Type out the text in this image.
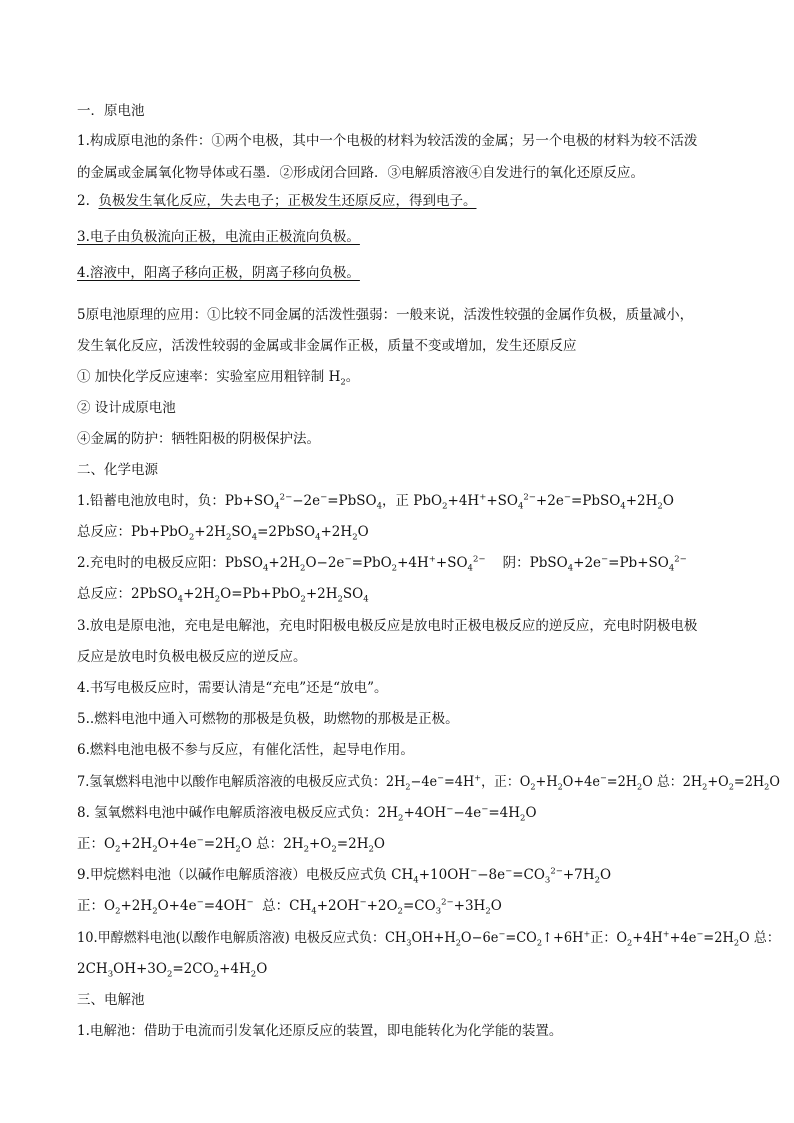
一．原电池
1.构成原电池的条件：①两个电极，其中一个电极的材料为较活泼的金属；另一个电极的材料为较不活泼
的金属或金属氧化物导体或石墨．②形成闭合回路．③电解质溶液④自发进行的氧化还原反应。
2. 负极发生氧化反应，失去电子；正极发生还原反应，得到电子。
3.电子由负极流向正极，电流由正极流向负极。
4.溶液中，阳离子移向正极，阴离子移向负极。
5原电池原理的应用：①比较不同金属的活泼性强弱：一般来说，活泼性较强的金属作负极，质量减小，
发生氧化反应，活泼性较弱的金属或非金属作正极，质量不变或增加，发生还原反应
① 加快化学反应速率：实验室应用粗锌制 $H_2$。
② 设计成原电池
④金属的防护：牺牲阳极的阴极保护法。
二、化学电源
1.铅蓄电池放电时，负：$Pb+SO_4^{2-}-2e^-=PbSO_4$，正 $PbO_2+4H^++SO_4^{2-}+2e^-=PbSO_4+2H_2O$
总反应：$Pb+PbO_2+2H_2SO_4=2PbSO_4+2H_2O$
2.充电时的电极反应阳：$PbSO_4+2H_2O-2e^-=PbO_2+4H^++SO_4^{2-}$ 阴：$PbSO_4+2e^-=Pb+SO_4^{2-}$
总反应：$2PbSO_4+2H_2O=Pb+PbO_2+2H_2SO_4$
3.放电是原电池，充电是电解池，充电时阳极电极反应是放电时正极电极反应的逆反应，充电时阴极电极
反应是放电时负极电极反应的逆反应。
4.书写电极反应时，需要认清是“充电”还是“放电”。
5..燃料电池中通入可燃物的那极是负极，助燃物的那极是正极。
6.燃料电池电极不参与反应，有催化活性，起导电作用。
7.氢氧燃料电池中以酸作电解质溶液的电极反应式负：$2H_2-4e^-=4H^+$，正：$O_2+H_2O+4e^-=2H_2O$ 总：$2H_2+O_2=2H_2O$
8. 氢氧燃料电池中碱作电解质溶液电极反应式负：$2H_2+4OH^--4e^-=4H_2O$
正：$O_2+2H_2O+4e^-=2H_2O$ 总：$2H_2+O_2=2H_2O$
9.甲烷燃料电池（以碱作电解质溶液）电极反应式负 $CH_4+10OH^--8e^-=CO_3^{2-}+7H_2O$
正：$O_2+2H_2O+4e^-=4OH^-$ 总：$CH_4+2OH^-+2O_2=CO_3^{2-}+3H_2O$
10.甲醇燃料电池(以酸作电解质溶液) 电极反应式负：$CH_3OH+H_2O-6e^-=CO_2↑+6H^+$正：$O_2+4H^++4e^-=2H_2O$ 总：
$2CH_3OH+3O_2=2CO_2+4H_2O$
三、电解池
1.电解池：借助于电流而引发氧化还原反应的装置，即电能转化为化学能的装置。
